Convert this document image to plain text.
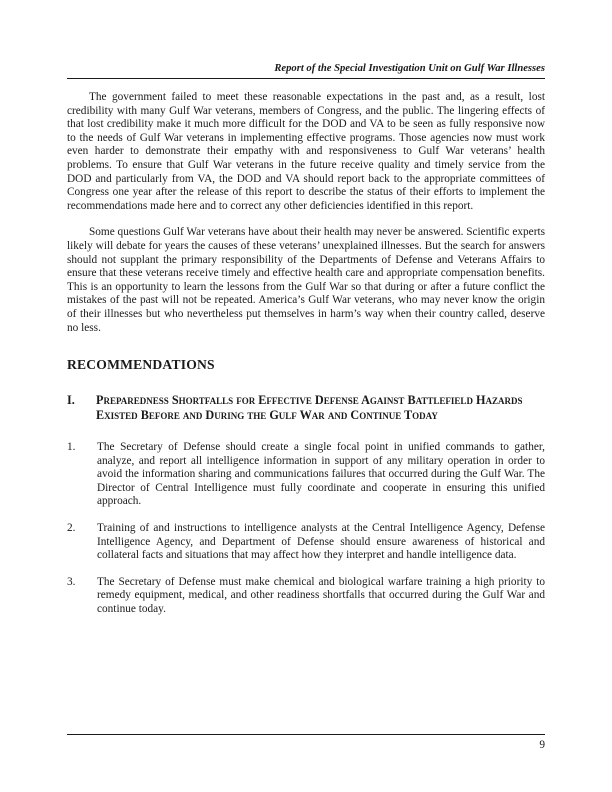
Report of the Special Investigation Unit on Gulf War Illnesses

The government failed to meet these reasonable expectations in the past and, as a result, lost credibility with many Gulf War veterans, members of Congress, and the public. The lingering effects of that lost credibility make it much more difficult for the DOD and VA to be seen as fully responsive now to the needs of Gulf War veterans in implementing effective programs. Those agencies now must work even harder to demonstrate their empathy with and responsiveness to Gulf War veterans’ health problems. To ensure that Gulf War veterans in the future receive quality and timely service from the DOD and particularly from VA, the DOD and VA should report back to the appropriate committees of Congress one year after the release of this report to describe the status of their efforts to implement the recommendations made here and to correct any other deficiencies identified in this report.

Some questions Gulf War veterans have about their health may never be answered. Scientific experts likely will debate for years the causes of these veterans’ unexplained illnesses. But the search for answers should not supplant the primary responsibility of the Departments of Defense and Veterans Affairs to ensure that these veterans receive timely and effective health care and appropriate compensation benefits. This is an opportunity to learn the lessons from the Gulf War so that during or after a future conflict the mistakes of the past will not be repeated. America’s Gulf War veterans, who may never know the origin of their illnesses but who nevertheless put themselves in harm’s way when their country called, deserve no less.

RECOMMENDATIONS
I. Preparedness Shortfalls for Effective Defense Against Battlefield Hazards Existed Before and During the Gulf War and Continue Today
1. The Secretary of Defense should create a single focal point in unified commands to gather, analyze, and report all intelligence information in support of any military operation in order to avoid the information sharing and communications failures that occurred during the Gulf War. The Director of Central Intelligence must fully coordinate and cooperate in ensuring this unified approach.
2. Training of and instructions to intelligence analysts at the Central Intelligence Agency, Defense Intelligence Agency, and Department of Defense should ensure awareness of historical and collateral facts and situations that may affect how they interpret and handle intelligence data.
3. The Secretary of Defense must make chemical and biological warfare training a high priority to remedy equipment, medical, and other readiness shortfalls that occurred during the Gulf War and continue today.
9
